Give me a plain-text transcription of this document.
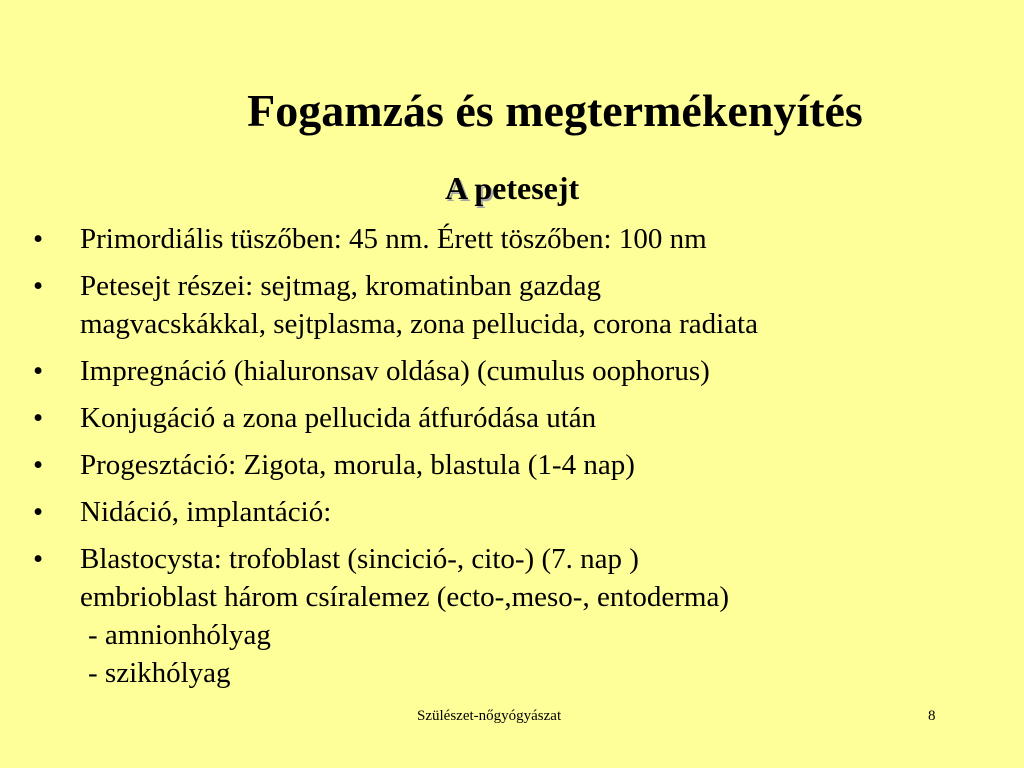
Fogamzás és megtermékenyítés
A petesejt
• Primordiális tüszőben: 45 nm. Érett töszőben: 100 nm
• Petesejt részei: sejtmag, kromatinban gazdag
magvacskákkal, sejtplasma, zona pellucida, corona radiata
• Impregnáció (hialuronsav oldása) (cumulus oophorus)
• Konjugáció a zona pellucida átfuródása után
• Progesztáció: Zigota, morula, blastula (1-4 nap)
• Nidáció, implantáció:
• Blastocysta: trofoblast (sincició-, cito-) (7. nap )
embrioblast három csíralemez (ecto-,meso-, entoderma)
- amnionhólyag
- szikhólyag
Szülészet-nőgyógyászat	8
